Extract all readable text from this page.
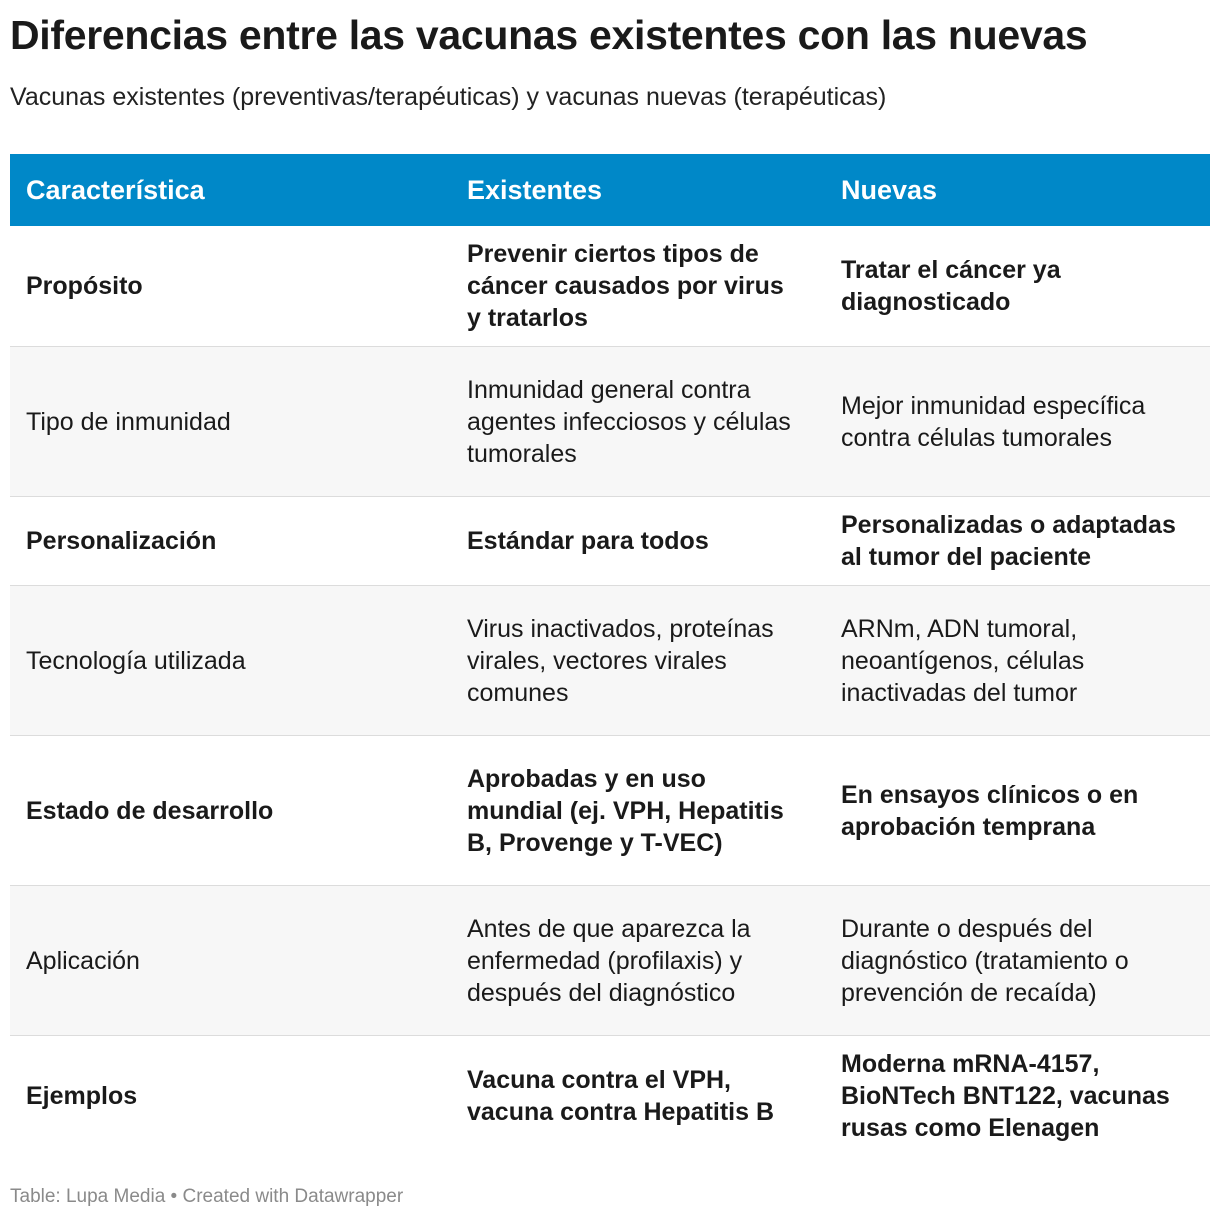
Diferencias entre las vacunas existentes con las nuevas
Vacunas existentes (preventivas/terapéuticas) y vacunas nuevas (terapéuticas)
Característica	Existentes	Nuevas
Propósito	Prevenir ciertos tipos de cáncer causados por virus y tratarlos	Tratar el cáncer ya diagnosticado
Tipo de inmunidad	Inmunidad general contra agentes infecciosos y células tumorales	Mejor inmunidad específica contra células tumorales
Personalización	Estándar para todos	Personalizadas o adaptadas al tumor del paciente
Tecnología utilizada	Virus inactivados, proteínas virales, vectores virales comunes	ARNm, ADN tumoral, neoantígenos, células inactivadas del tumor
Estado de desarrollo	Aprobadas y en uso mundial (ej. VPH, Hepatitis B, Provenge y T-VEC)	En ensayos clínicos o en aprobación temprana
Aplicación	Antes de que aparezca la enfermedad (profilaxis) y después del diagnóstico	Durante o después del diagnóstico (tratamiento o prevención de recaída)
Ejemplos	Vacuna contra el VPH, vacuna contra Hepatitis B	Moderna mRNA-4157, BioNTech BNT122, vacunas rusas como Elenagen
Table: Lupa Media • Created with Datawrapper
